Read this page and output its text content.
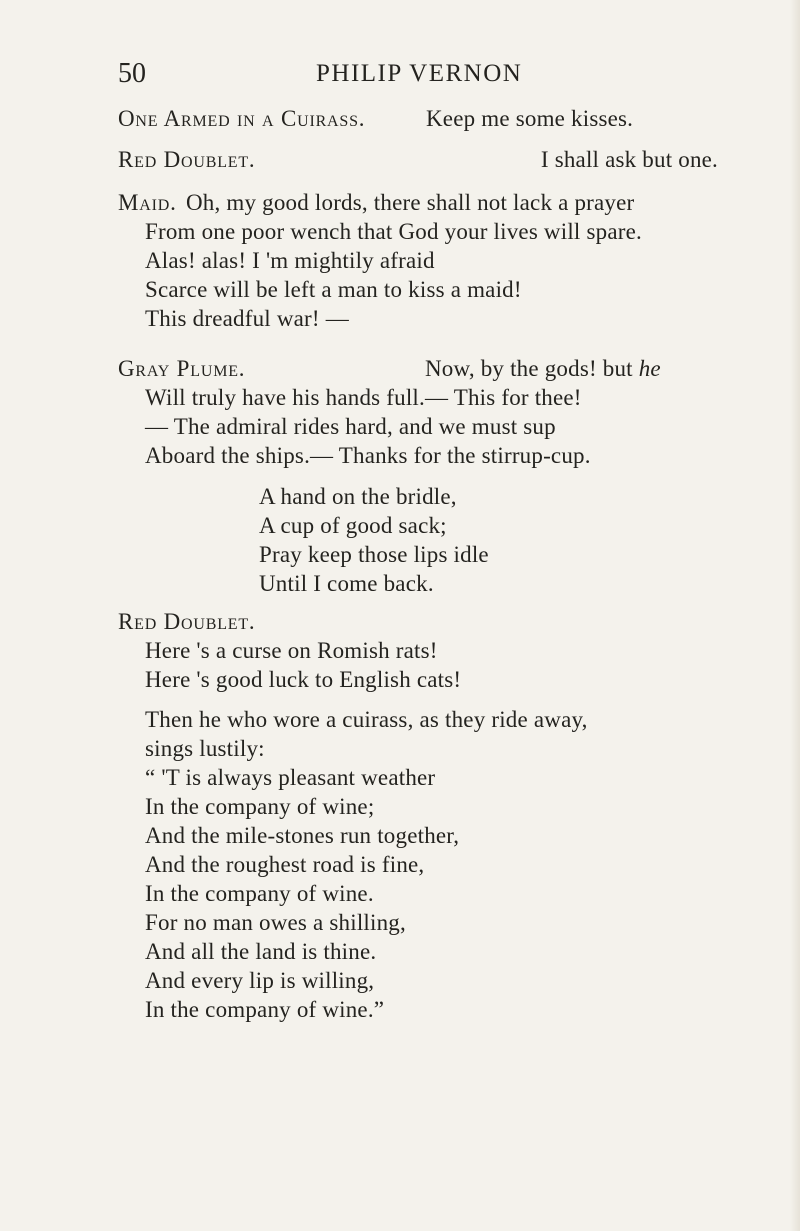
50	PHILIP VERNON
One Armed in a Cuirass.	Keep me some kisses.
Red Doublet.	I shall ask but one.
Maid. Oh, my good lords, there shall not lack a prayer
From one poor wench that God your lives will spare.
Alas! alas! I 'm mightily afraid
Scarce will be left a man to kiss a maid!
This dreadful war! —
Gray Plume.	Now, by the gods! but he
Will truly have his hands full.— This for thee!
— The admiral rides hard, and we must sup
Aboard the ships.— Thanks for the stirrup-cup.
A hand on the bridle,
A cup of good sack;
Pray keep those lips idle
Until I come back.
Red Doublet.
Here 's a curse on Romish rats!
Here 's good luck to English cats!
Then he who wore a cuirass, as they ride away,
sings lustily:
“ 'T is always pleasant weather
In the company of wine;
And the mile-stones run together,
And the roughest road is fine,
In the company of wine.
For no man owes a shilling,
And all the land is thine.
And every lip is willing,
In the company of wine.”
